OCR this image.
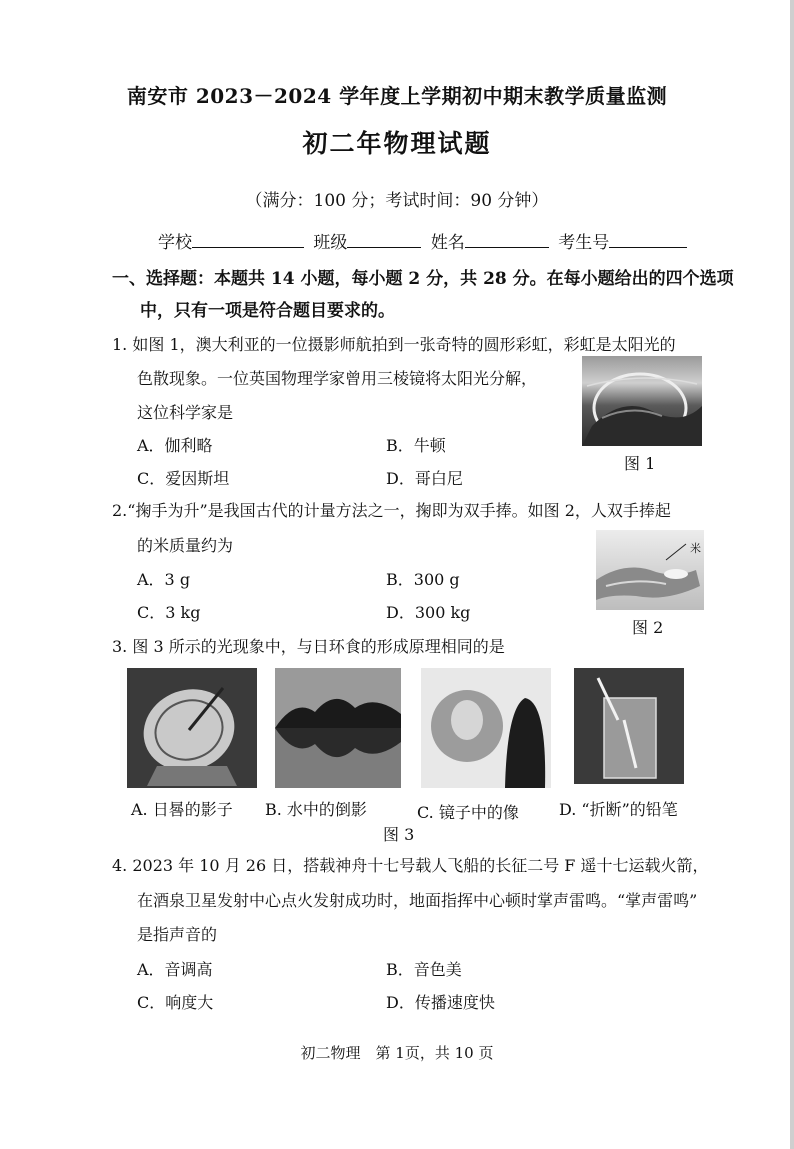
南安市 2023－2024 学年度上学期初中期末教学质量监测
初二年物理试题
（满分：100 分；考试时间：90 分钟）
学校	班级	姓名	考生号
一、选择题：本题共 14 小题，每小题 2 分，共 28 分。在每小题给出的四个选项
中，只有一项是符合题目要求的。
1. 如图 1，澳大利亚的一位摄影师航拍到一张奇特的圆形彩虹，彩虹是太阳光的
色散现象。一位英国物理学家曾用三棱镜将太阳光分解，
这位科学家是
A．伽利略	B．牛顿
C．爱因斯坦	D．哥白尼
图 1
2.“掬手为升”是我国古代的计量方法之一，掬即为双手捧。如图 2，人双手捧起
的米质量约为
A．3 g	B．300 g
C．3 kg	D．300 kg
米
图 2
3. 图 3 所示的光现象中，与日环食的形成原理相同的是
A. 日晷的影子 B. 水中的倒影	C. 镜子中的像	D. “折断”的铅笔
图 3
4. 2023 年 10 月 26 日，搭载神舟十七号载人飞船的长征二号 F 遥十七运载火箭，
在酒泉卫星发射中心点火发射成功时，地面指挥中心顿时掌声雷鸣。“掌声雷鸣”
是指声音的
A．音调高	B．音色美
C．响度大	D．传播速度快
初二物理　第 1页，共 10 页
